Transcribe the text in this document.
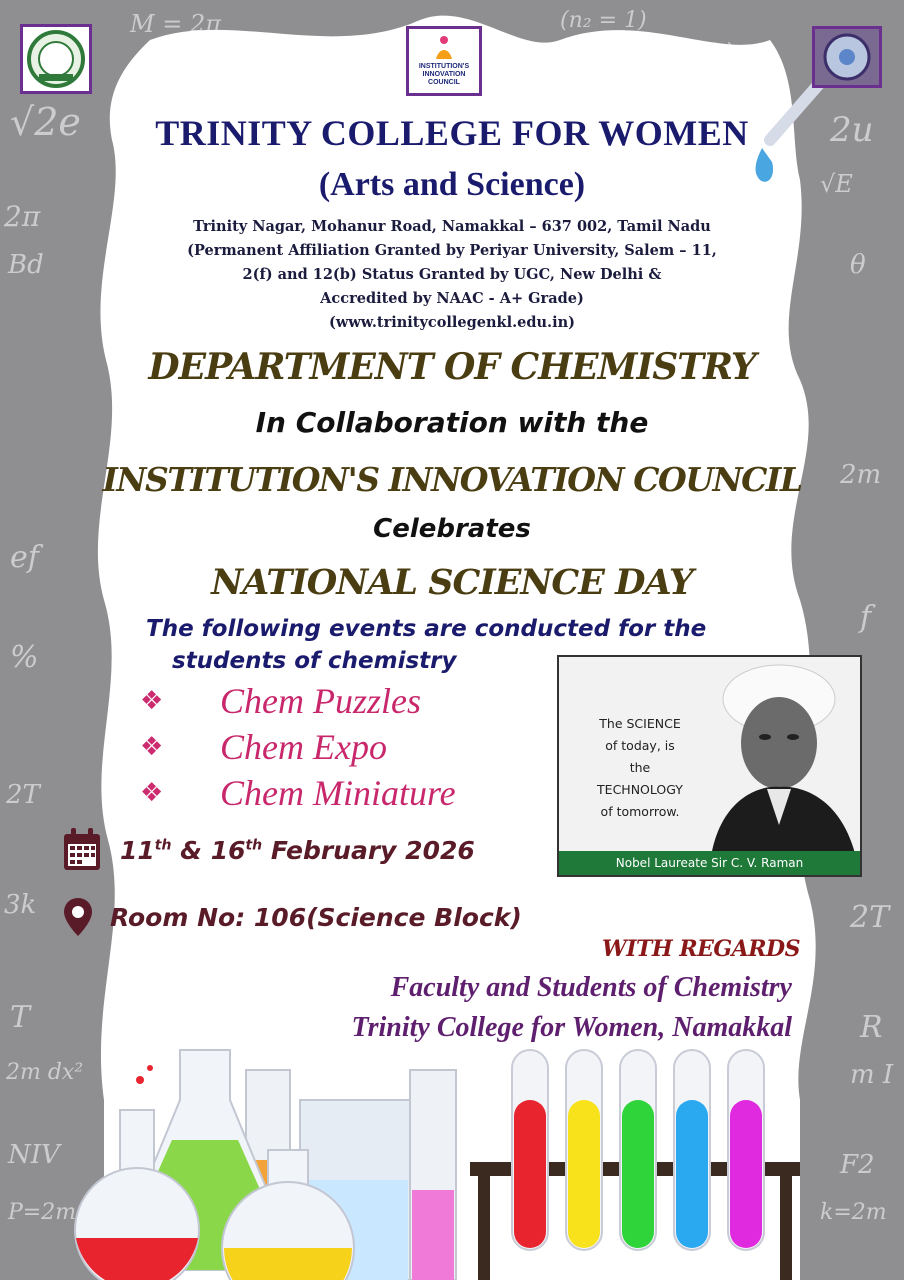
√2e
2π
Bd
ef
%
2T
3k
T
2m dx²
NIV
P=2m
M = 2π	(n₂ = 1)
2u
√E
θ
2m
f
2T
R
m I
F2
k=2m
INSTITUTION'S
INNOVATION
COUNCIL
TRINITY COLLEGE FOR WOMEN
(Arts and Science)
Trinity Nagar, Mohanur Road, Namakkal – 637 002, Tamil Nadu
(Permanent Affiliation Granted by Periyar University, Salem – 11,
2(f) and 12(b) Status Granted by UGC, New Delhi &
Accredited by NAAC - A+ Grade)
(www.trinitycollegenkl.edu.in)
DEPARTMENT OF CHEMISTRY
In Collaboration with the
INSTITUTION'S INNOVATION COUNCIL
Celebrates
NATIONAL SCIENCE DAY
The following events are conducted for the
students of chemistry
❖	Chem Puzzles
❖	Chem Expo
❖	Chem Miniature
The SCIENCE
of today, is
the TECHNOLOGY
of tomorrow.
Nobel Laureate Sir C. V. Raman
11th & 16th February 2026
Room No: 106(Science Block)
WITH REGARDS
Faculty and Students of Chemistry
Trinity College for Women, Namakkal
